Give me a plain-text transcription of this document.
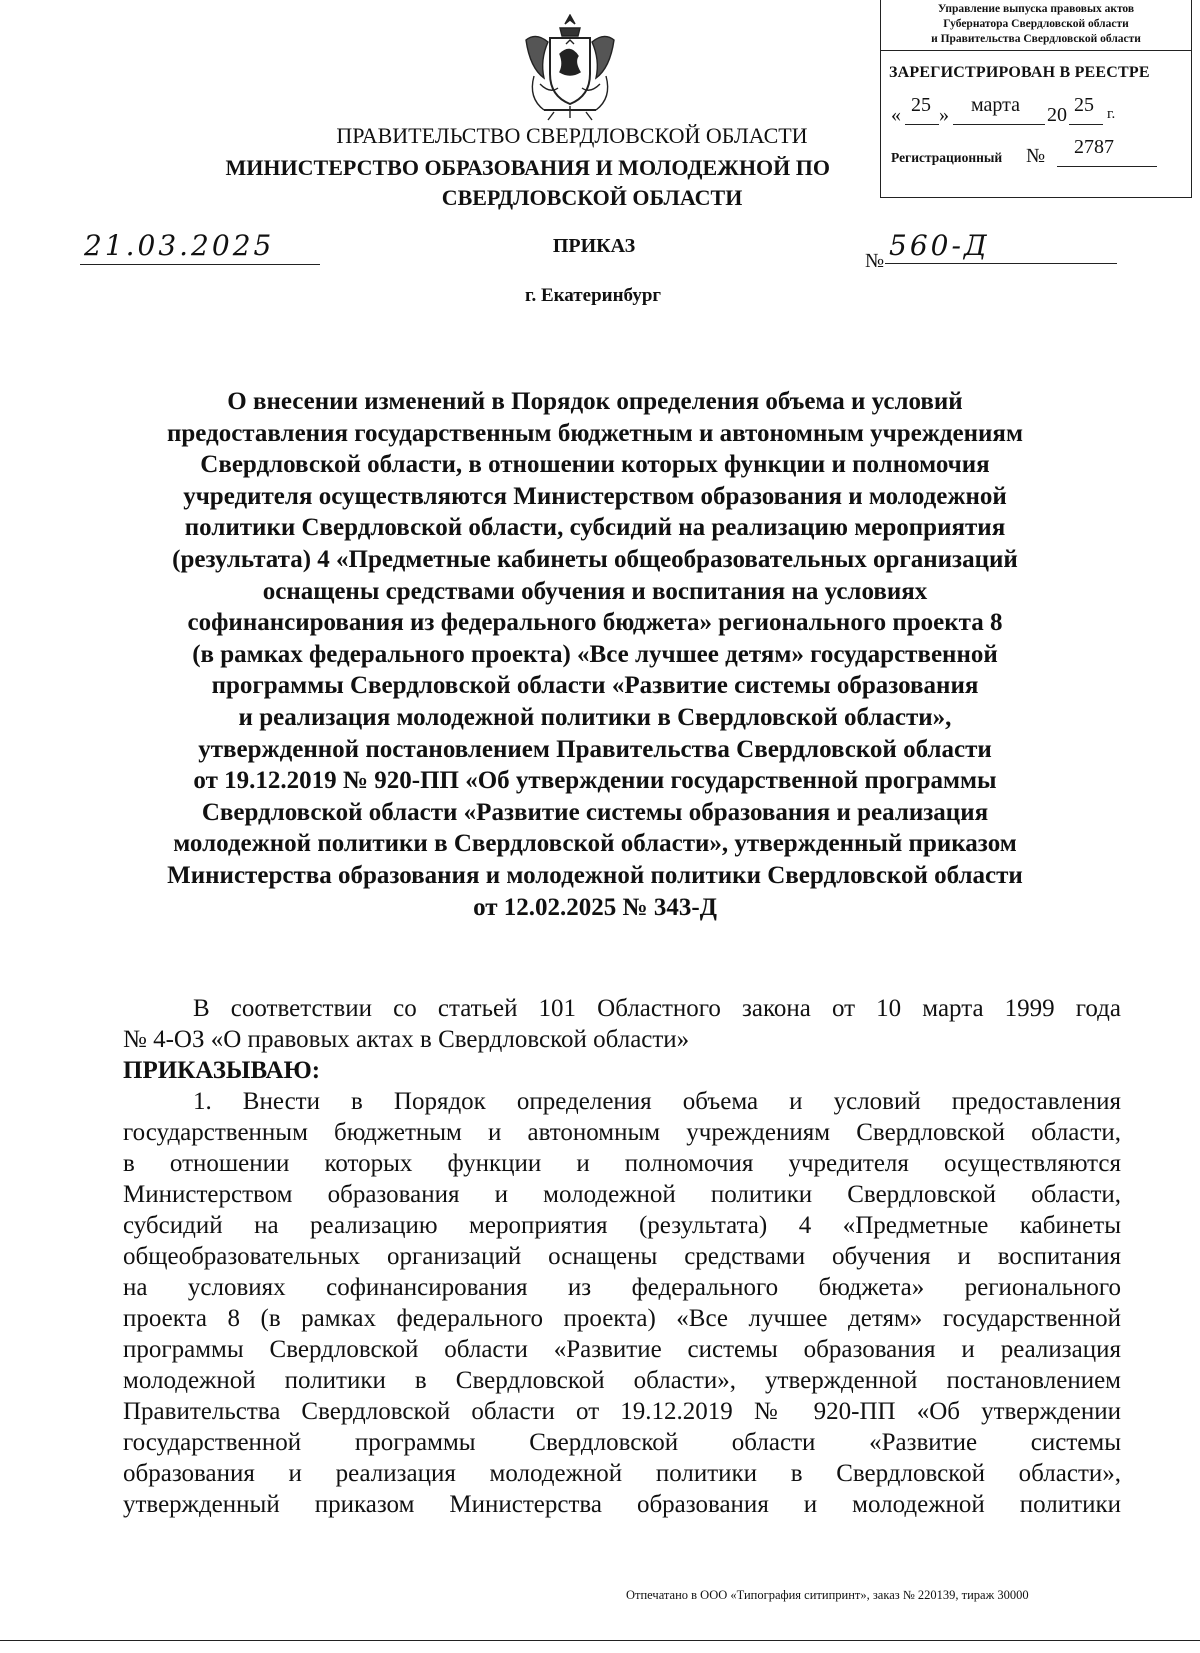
Управление выпуска правовых актов
Губернатора Свердловской области
и Правительства Свердловской области
ЗАРЕГИСТРИРОВАН В РЕЕСТРЕ
« 25 » марта 20 25 г.
Регистрационный № 2787
ПРАВИТЕЛЬСТВО СВЕРДЛОВСКОЙ ОБЛАСТИ
МИНИСТЕРСТВО ОБРАЗОВАНИЯ И МОЛОДЕЖНОЙ ПО
СВЕРДЛОВСКОЙ ОБЛАСТИ
ПРИКАЗ
21.03.2025	№ 560-Д
г. Екатеринбург
О внесении изменений в Порядок определения объема и условий
предоставления государственным бюджетным и автономным учреждениям
Свердловской области, в отношении которых функции и полномочия
учредителя осуществляются Министерством образования и молодежной
политики Свердловской области, субсидий на реализацию мероприятия
(результата) 4 «Предметные кабинеты общеобразовательных организаций
оснащены средствами обучения и воспитания на условиях
софинансирования из федерального бюджета» регионального проекта 8
(в рамках федерального проекта) «Все лучшее детям» государственной
программы Свердловской области «Развитие системы образования
и реализация молодежной политики в Свердловской области»,
утвержденной постановлением Правительства Свердловской области
от 19.12.2019 № 920-ПП «Об утверждении государственной программы
Свердловской области «Развитие системы образования и реализация
молодежной политики в Свердловской области», утвержденный приказом
Министерства образования и молодежной политики Свердловской области
от 12.02.2025 № 343-Д
В соответствии со статьей 101 Областного закона от 10 марта 1999 года
№ 4-ОЗ «О правовых актах в Свердловской области»
ПРИКАЗЫВАЮ:
1. Внести в Порядок определения объема и условий предоставления
государственным бюджетным и автономным учреждениям Свердловской области,
в отношении которых функции и полномочия учредителя осуществляются
Министерством образования и молодежной политики Свердловской области,
субсидий на реализацию мероприятия (результата) 4 «Предметные кабинеты
общеобразовательных организаций оснащены средствами обучения и воспитания
на условиях софинансирования из федерального бюджета» регионального
проекта 8 (в рамках федерального проекта) «Все лучшее детям» государственной
программы Свердловской области «Развитие системы образования и реализация
молодежной политики в Свердловской области», утвержденной постановлением
Правительства Свердловской области от 19.12.2019 № 920-ПП «Об утверждении
государственной программы Свердловской области «Развитие системы
образования и реализация молодежной политики в Свердловской области»,
утвержденный приказом Министерства образования и молодежной политики
Отпечатано в ООО «Типография ситипринт», заказ № 220139, тираж 30000
